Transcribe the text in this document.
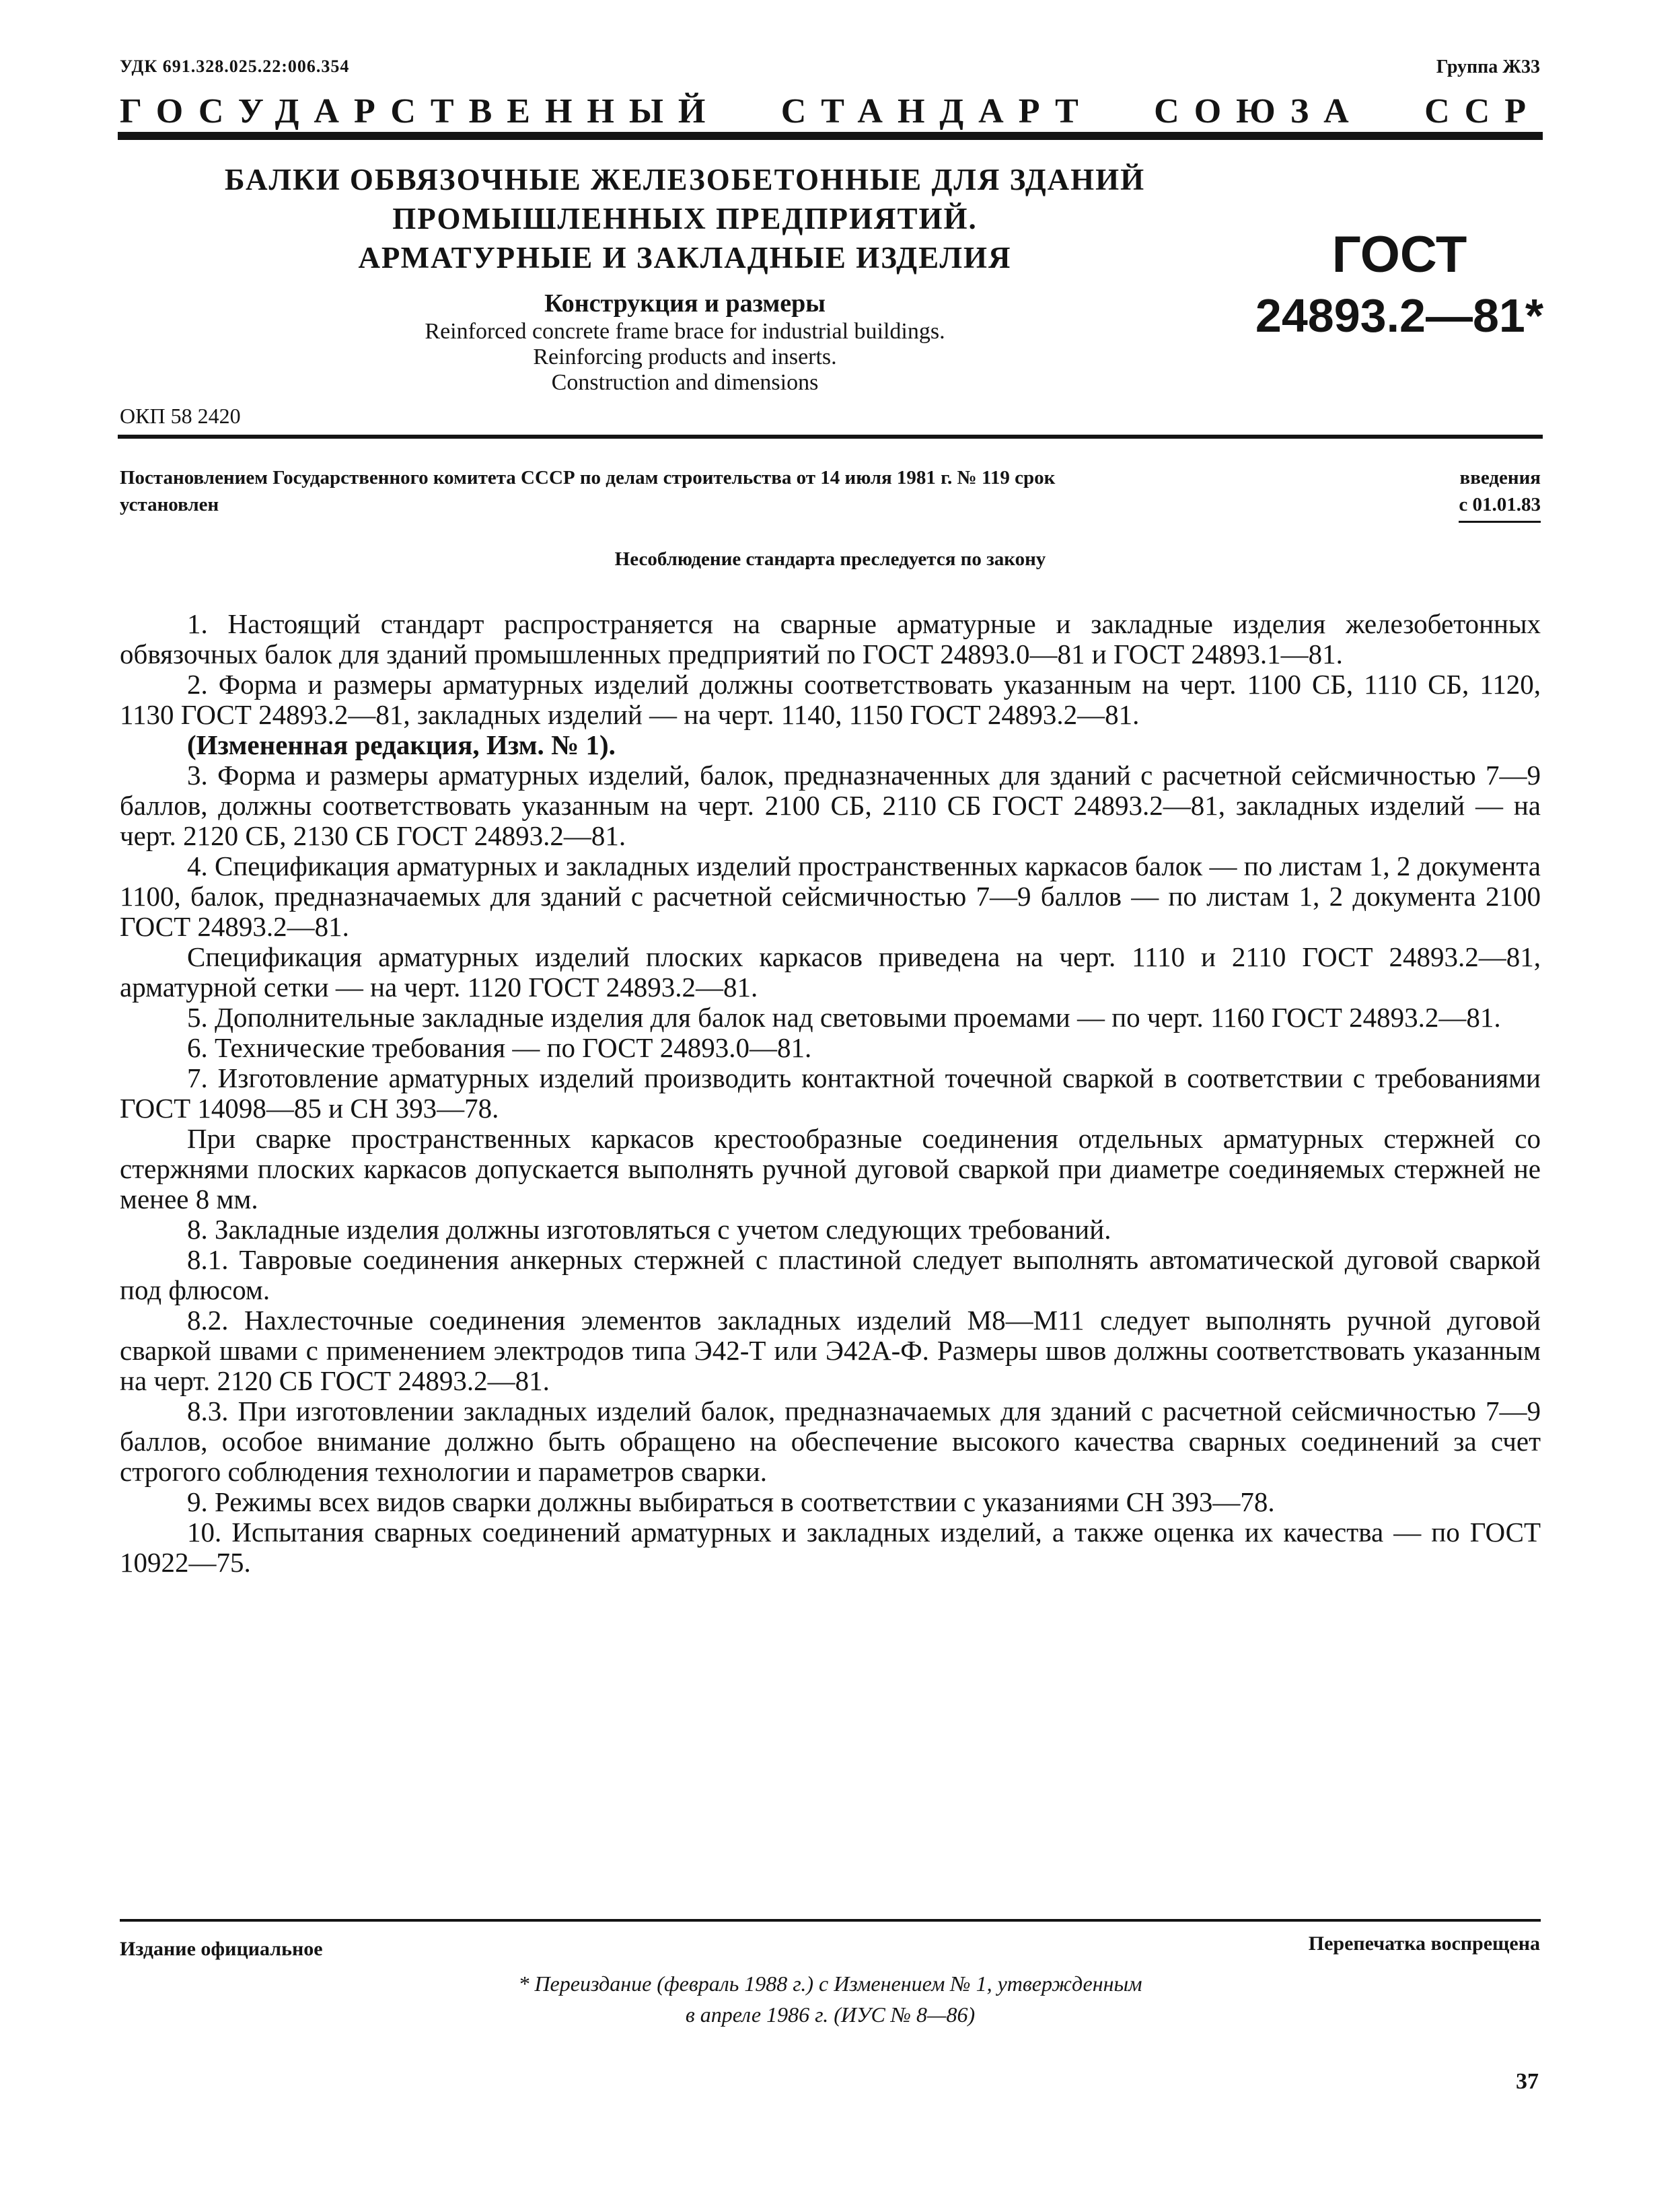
УДК 691.328.025.22:006.354	Группа Ж33
ГОСУДАРСТВЕННЫЙ СТАНДАРТ СОЮЗА ССР
БАЛКИ ОБВЯЗОЧНЫЕ ЖЕЛЕЗОБЕТОННЫЕ ДЛЯ ЗДАНИЙ
ПРОМЫШЛЕННЫХ ПРЕДПРИЯТИЙ.
АРМАТУРНЫЕ И ЗАКЛАДНЫЕ ИЗДЕЛИЯ
Конструкция и размеры
Reinforced concrete frame brace for industrial buildings.
Reinforcing products and inserts.
Construction and dimensions
ГОСТ
24893.2—81*
ОКП 58 2420
Постановлением Государственного комитета СССР по делам строительства от 14 июля 1981 г. № 119 срок	введения
установлен	с 01.01.83
Несоблюдение стандарта преследуется по закону

1. Настоящий стандарт распространяется на сварные арматурные и закладные изделия железобетонных обвязочных балок для зданий промышленных предприятий по ГОСТ 24893.0—81 и ГОСТ 24893.1—81.

2. Форма и размеры арматурных изделий должны соответствовать указанным на черт. 1100 СБ, 1110 СБ, 1120, 1130 ГОСТ 24893.2—81, закладных изделий — на черт. 1140, 1150 ГОСТ 24893.2—81.

(Измененная редакция, Изм. № 1).

3. Форма и размеры арматурных изделий, балок, предназначенных для зданий с расчетной сейсмичностью 7—9 баллов, должны соответствовать указанным на черт. 2100 СБ, 2110 СБ ГОСТ 24893.2—81, закладных изделий — на черт. 2120 СБ, 2130 СБ ГОСТ 24893.2—81.

4. Спецификация арматурных и закладных изделий пространственных каркасов балок — по листам 1, 2 документа 1100, балок, предназначаемых для зданий с расчетной сейсмичностью 7—9 баллов — по листам 1, 2 документа 2100 ГОСТ 24893.2—81.

Спецификация арматурных изделий плоских каркасов приведена на черт. 1110 и 2110 ГОСТ 24893.2—81, арматурной сетки — на черт. 1120 ГОСТ 24893.2—81.

5. Дополнительные закладные изделия для балок над световыми проемами — по черт. 1160 ГОСТ 24893.2—81.

6. Технические требования — по ГОСТ 24893.0—81.

7. Изготовление арматурных изделий производить контактной точечной сваркой в соответствии с требованиями ГОСТ 14098—85 и СН 393—78.

При сварке пространственных каркасов крестообразные соединения отдельных арматурных стержней со стержнями плоских каркасов допускается выполнять ручной дуговой сваркой при диаметре соединяемых стержней не менее 8 мм.

8. Закладные изделия должны изготовляться с учетом следующих требований.

8.1. Тавровые соединения анкерных стержней с пластиной следует выполнять автоматической дуговой сваркой под флюсом.

8.2. Нахлесточные соединения элементов закладных изделий М8—М11 следует выполнять ручной дуговой сваркой швами с применением электродов типа Э42-Т или Э42А-Ф. Размеры швов должны соответствовать указанным на черт. 2120 СБ ГОСТ 24893.2—81.

8.3. При изготовлении закладных изделий балок, предназначаемых для зданий с расчетной сейсмичностью 7—9 баллов, особое внимание должно быть обращено на обеспечение высокого качества сварных соединений за счет строгого соблюдения технологии и параметров сварки.

9. Режимы всех видов сварки должны выбираться в соответствии с указаниями СН 393—78.

10. Испытания сварных соединений арматурных и закладных изделий, а также оценка их качества — по ГОСТ 10922—75.

Издание официальное	Перепечатка воспрещена
* Переиздание (февраль 1988 г.) с Изменением № 1, утвержденным
в апреле 1986 г. (ИУС № 8—86)
37
